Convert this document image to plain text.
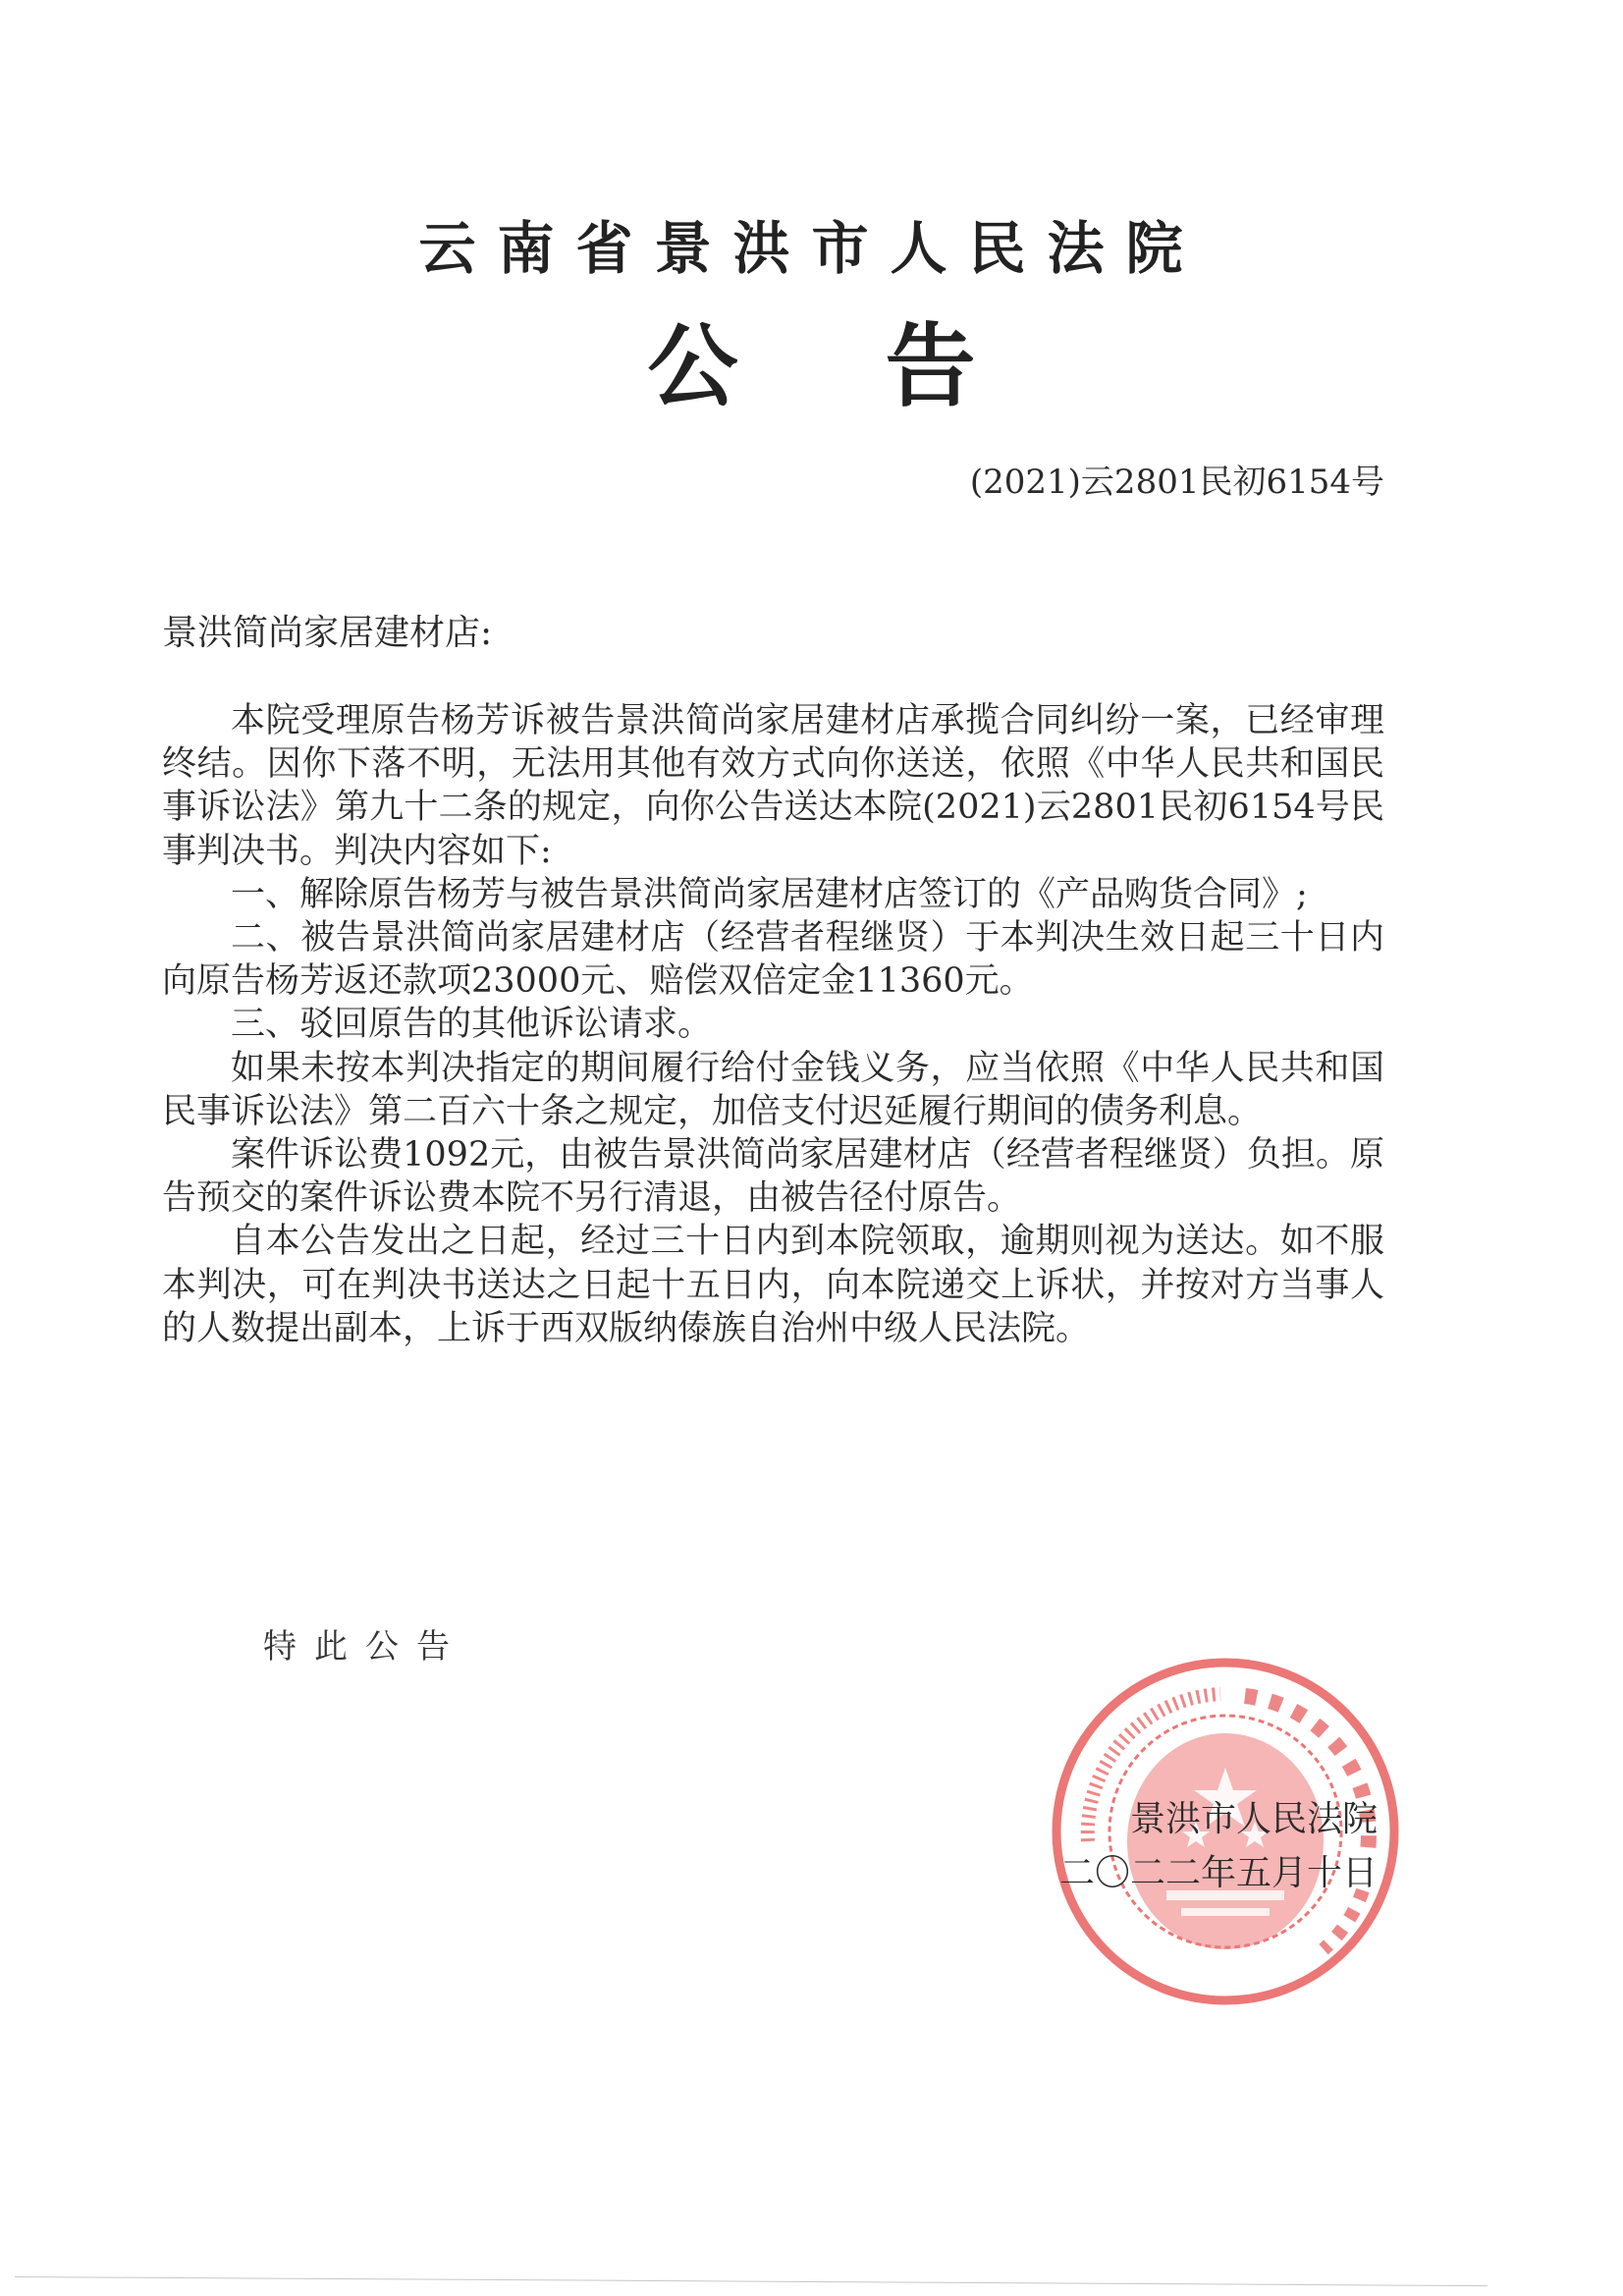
云南省景洪市人民法院
公告
(2021)云2801民初6154号
景洪简尚家居建材店:

本院受理原告杨芳诉被告景洪简尚家居建材店承揽合同纠纷一案，已经审理终结。因你下落不明，无法用其他有效方式向你送送，依照《中华人民共和国民事诉讼法》第九十二条的规定，向你公告送达本院(2021)云2801民初6154号民事判决书。判决内容如下:

一、解除原告杨芳与被告景洪简尚家居建材店签订的《产品购货合同》;

二、被告景洪简尚家居建材店（经营者程继贤）于本判决生效日起三十日内向原告杨芳返还款项23000元、赔偿双倍定金11360元。

三、驳回原告的其他诉讼请求。

如果未按本判决指定的期间履行给付金钱义务，应当依照《中华人民共和国民事诉讼法》第二百六十条之规定，加倍支付迟延履行期间的债务利息。

案件诉讼费1092元，由被告景洪简尚家居建材店（经营者程继贤）负担。原告预交的案件诉讼费本院不另行清退，由被告径付原告。

自本公告发出之日起，经过三十日内到本院领取，逾期则视为送达。如不服本判决，可在判决书送达之日起十五日内，向本院递交上诉状，并按对方当事人的人数提出副本，上诉于西双版纳傣族自治州中级人民法院。

特此公告
景洪市人民法院
二〇二二年五月十日
